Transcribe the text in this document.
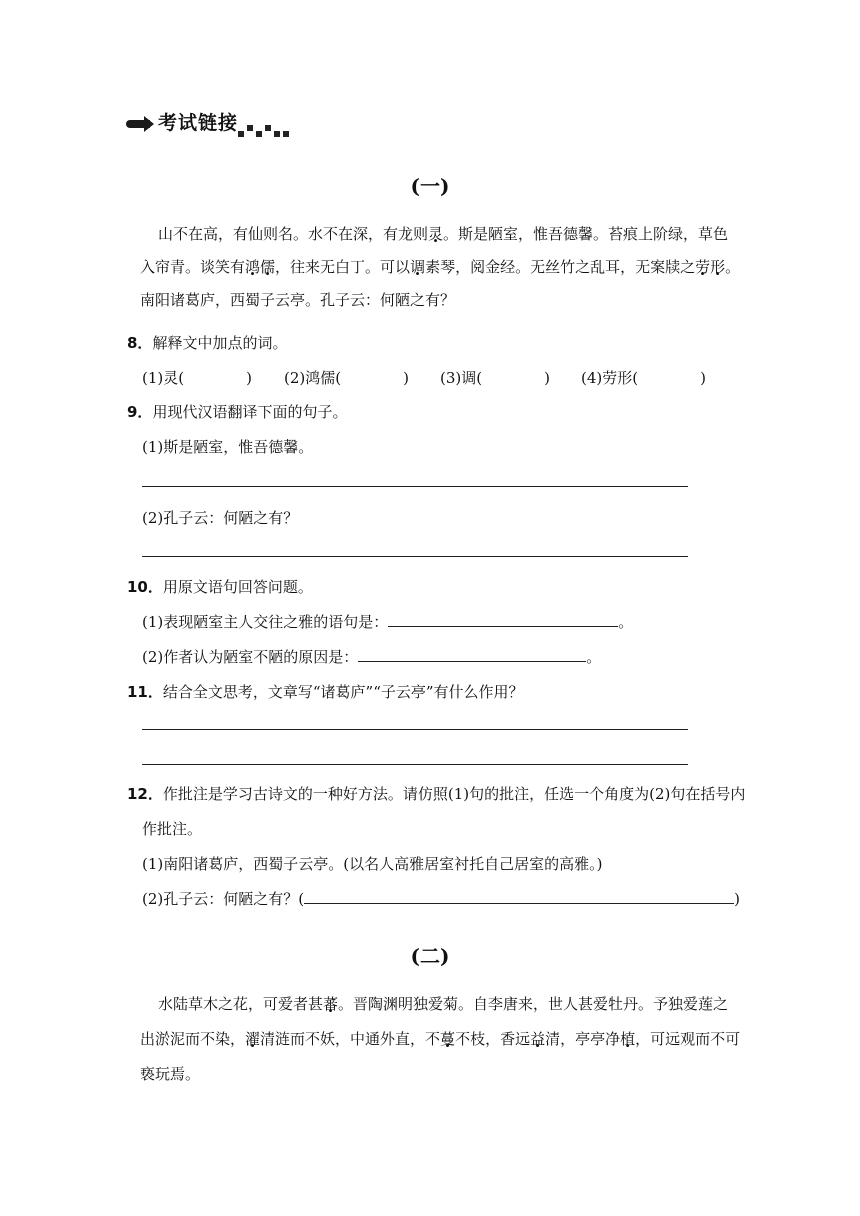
考试链接
(一)
山不在高，有仙则名。水不在深，有龙则灵。斯是陋室，惟吾德馨。苔痕上阶绿，草色
入帘青。谈笑有鸿儒，往来无白丁。可以调素琴，阅金经。无丝竹之乱耳，无案牍之劳形。
南阳诸葛庐，西蜀子云亭。孔子云：何陋之有？
8．解释文中加点的词。
(1)灵(	) (2)鸿儒(	) (3)调(	) (4)劳形(	)
9．用现代汉语翻译下面的句子。
(1)斯是陋室，惟吾德馨。
(2)孔子云：何陋之有？
10．用原文语句回答问题。
(1)表现陋室主人交往之雅的语句是：	。
(2)作者认为陋室不陋的原因是：	。
11．结合全文思考，文章写“诸葛庐”“子云亭”有什么作用？
12．作批注是学习古诗文的一种好方法。请仿照(1)句的批注，任选一个角度为(2)句在括号内
作批注。
(1)南阳诸葛庐，西蜀子云亭。(以名人高雅居室衬托自己居室的高雅。)
(2)孔子云：何陋之有？(	)
(二)
水陆草木之花，可爱者甚蕃。晋陶渊明独爱菊。自李唐来，世人甚爱牡丹。予独爱莲之
出淤泥而不染，濯清涟而不妖，中通外直，不蔓不枝，香远益清，亭亭净植，可远观而不可
亵玩焉。
